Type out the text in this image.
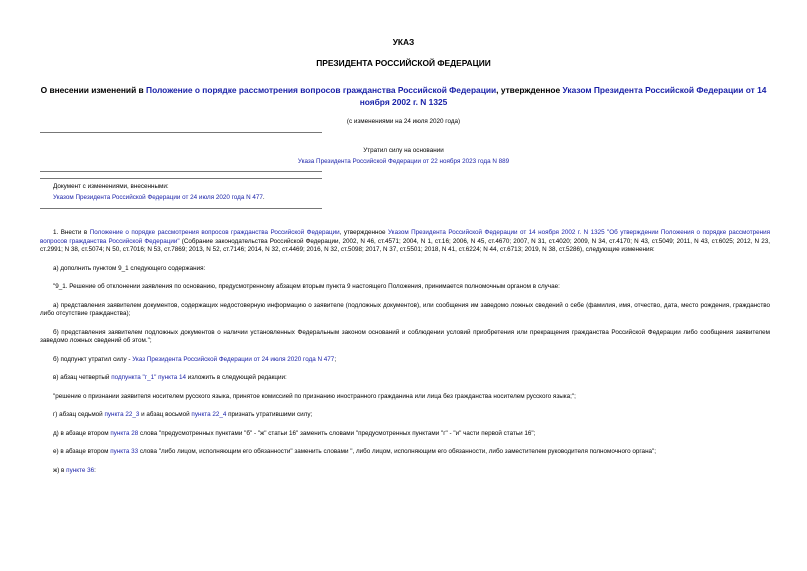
УКАЗ
ПРЕЗИДЕНТА РОССИЙСКОЙ ФЕДЕРАЦИИ
О внесении изменений в Положение о порядке рассмотрения вопросов гражданства Российской Федерации, утвержденное Указом Президента Российской Федерации от 14 ноября 2002 г. N 1325
(с изменениями на 24 июля 2020 года)
Утратил силу на основании
Указа Президента Российской Федерации от 22 ноября 2023 года N 889
Документ с изменениями, внесенными:
Указом Президента Российской Федерации от 24 июля 2020 года N 477.

1. Внести в Положение о порядке рассмотрения вопросов гражданства Российской Федерации, утвержденное Указом Президента Российской Федерации от 14 ноября 2002 г. N 1325 "Об утверждении Положения о порядке рассмотрения вопросов гражданства Российской Федерации" (Собрание законодательства Российской Федерации, 2002, N 46, ст.4571; 2004, N 1, ст.16; 2006, N 45, ст.4670; 2007, N 31, ст.4020; 2009, N 34, ст.4170; N 43, ст.5049; 2011, N 43, ст.6025; 2012, N 23, ст.2991; N 38, ст.5074; N 50, ст.7016; N 53, ст.7869; 2013, N 52, ст.7146; 2014, N 32, ст.4469; 2016, N 32, ст.5098; 2017, N 37, ст.5501; 2018, N 41, ст.6224; N 44, ст.6713; 2019, N 38, ст.5286), следующие изменения:

а) дополнить пунктом 9_1 следующего содержания:

"9_1. Решение об отклонении заявления по основанию, предусмотренному абзацем вторым пункта 9 настоящего Положения, принимается полномочным органом в случае:

а) представления заявителем документов, содержащих недостоверную информацию о заявителе (подложных документов), или сообщения им заведомо ложных сведений о себе (фамилия, имя, отчество, дата, место рождения, гражданство либо отсутствие гражданства);

б) представления заявителем подложных документов о наличии установленных Федеральным законом оснований и соблюдении условий приобретения или прекращения гражданства Российской Федерации либо сообщения заявителем заведомо ложных сведений об этом.";

б) подпункт утратил силу - Указ Президента Российской Федерации от 24 июля 2020 года N 477;

в) абзац четвертый подпункта "г_1" пункта 14 изложить в следующей редакции:

"решение о признании заявителя носителем русского языка, принятое комиссией по признанию иностранного гражданина или лица без гражданства носителем русского языка;";

г) абзац седьмой пункта 22_3 и абзац восьмой пункта 22_4 признать утратившими силу;

д) в абзаце втором пункта 28 слова "предусмотренных пунктами "б" - "ж" статьи 16" заменить словами "предусмотренных пунктами "г" - "и" части первой статьи 16";

е) в абзаце втором пункта 33 слова "либо лицом, исполняющим его обязанности" заменить словами ", либо лицом, исполняющим его обязанности, либо заместителем руководителя полномочного органа";

ж) в пункте 36:
